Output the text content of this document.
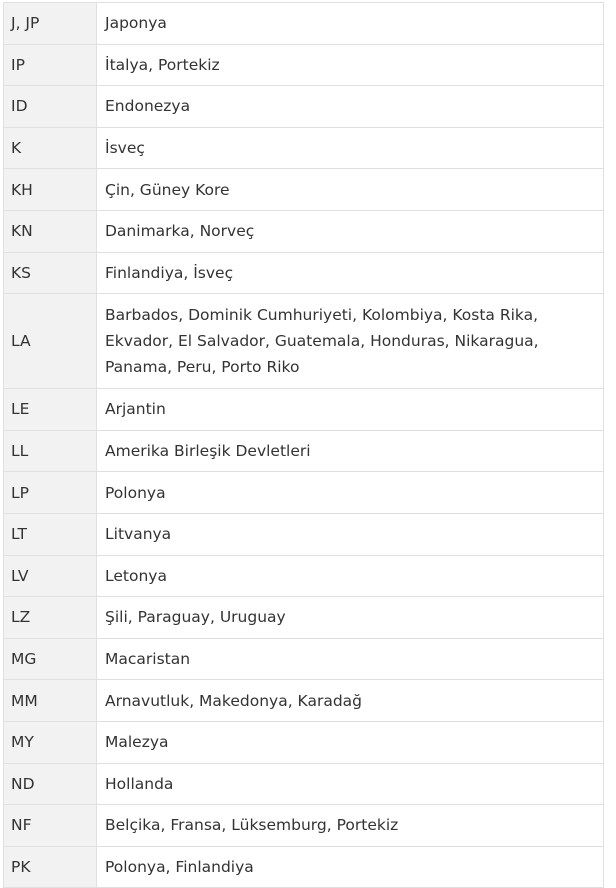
J, JP	Japonya
IP	İtalya, Portekiz
ID	Endonezya
K	İsveç
KH	Çin, Güney Kore
KN	Danimarka, Norveç
KS	Finlandiya, İsveç
LA	Barbados, Dominik Cumhuriyeti, Kolombiya, Kosta Rika, Ekvador, El Salvador, Guatemala, Honduras, Nikaragua, Panama, Peru, Porto Riko
LE	Arjantin
LL	Amerika Birleşik Devletleri
LP	Polonya
LT	Litvanya
LV	Letonya
LZ	Şili, Paraguay, Uruguay
MG	Macaristan
MM	Arnavutluk, Makedonya, Karadağ
MY	Malezya
ND	Hollanda
NF	Belçika, Fransa, Lüksemburg, Portekiz
PK	Polonya, Finlandiya
